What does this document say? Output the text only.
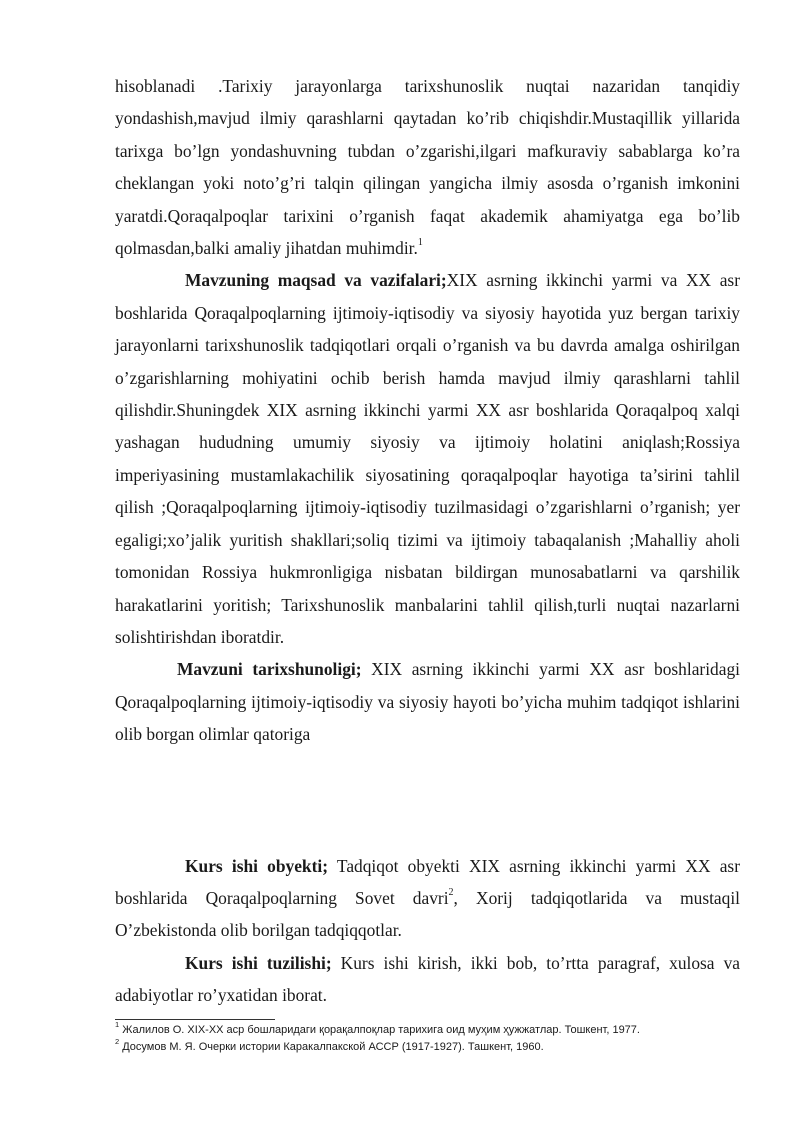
hisoblanadi .Tarixiy jarayonlarga tarixshunoslik nuqtai nazaridan tanqidiy yondashish,mavjud ilmiy qarashlarni qaytadan ko’rib chiqishdir.Mustaqillik yillarida tarixga bo’lgn yondashuvning tubdan o’zgarishi,ilgari mafkuraviy sabablarga ko’ra cheklangan yoki noto’g’ri talqin qilingan yangicha ilmiy asosda o’rganish imkonini yaratdi.Qoraqalpoqlar tarixini o’rganish faqat akademik ahamiyatga ega bo’lib qolmasdan,balki amaliy jihatdan muhimdir.$^1$

Mavzuning maqsad va vazifalari;XIX asrning ikkinchi yarmi va XX asr boshlarida Qoraqalpoqlarning ijtimoiy-iqtisodiy va siyosiy hayotida yuz bergan tarixiy jarayonlarni tarixshunoslik tadqiqotlari orqali o’rganish va bu davrda amalga oshirilgan o’zgarishlarning mohiyatini ochib berish hamda mavjud ilmiy qarashlarni tahlil qilishdir.Shuningdek XIX asrning ikkinchi yarmi XX asr boshlarida Qoraqalpoq xalqi yashagan hududning umumiy siyosiy va ijtimoiy holatini aniqlash;Rossiya imperiyasining mustamlakachilik siyosatining qoraqalpoqlar hayotiga ta’sirini tahlil qilish ;Qoraqalpoqlarning ijtimoiy-iqtisodiy tuzilmasidagi o’zgarishlarni o’rganish; yer egaligi;xo’jalik yuritish shakllari;soliq tizimi va ijtimoiy tabaqalanish ;Mahalliy aholi tomonidan Rossiya hukmronligiga nisbatan bildirgan munosabatlarni va qarshilik harakatlarini yoritish; Tarixshunoslik manbalarini tahlil qilish,turli nuqtai nazarlarni solishtirishdan iboratdir.

Mavzuni tarixshunoligi; XIX asrning ikkinchi yarmi XX asr boshlaridagi Qoraqalpoqlarning ijtimoiy-iqtisodiy va siyosiy hayoti bo’yicha muhim tadqiqot ishlarini olib borgan olimlar qatoriga

Kurs ishi obyekti; Tadqiqot obyekti XIX asrning ikkinchi yarmi XX asr boshlarida Qoraqalpoqlarning Sovet davri$^2$, Xorij tadqiqotlarida va mustaqil O’zbekistonda olib borilgan tadqiqqotlar.

Kurs ishi tuzilishi; Kurs ishi kirish, ikki bob, to’rtta paragraf, xulosa va adabiyotlar ro’yxatidan iborat.

$^1$ Жалилов О. XIX-XX аср бошларидаги қорақалпоқлар тарихига оид муҳим ҳужжатлар. Тошкент, 1977.
$^2$ Досумов М. Я. Очерки истории Каракалпакской АССР (1917-1927). Ташкент, 1960.
